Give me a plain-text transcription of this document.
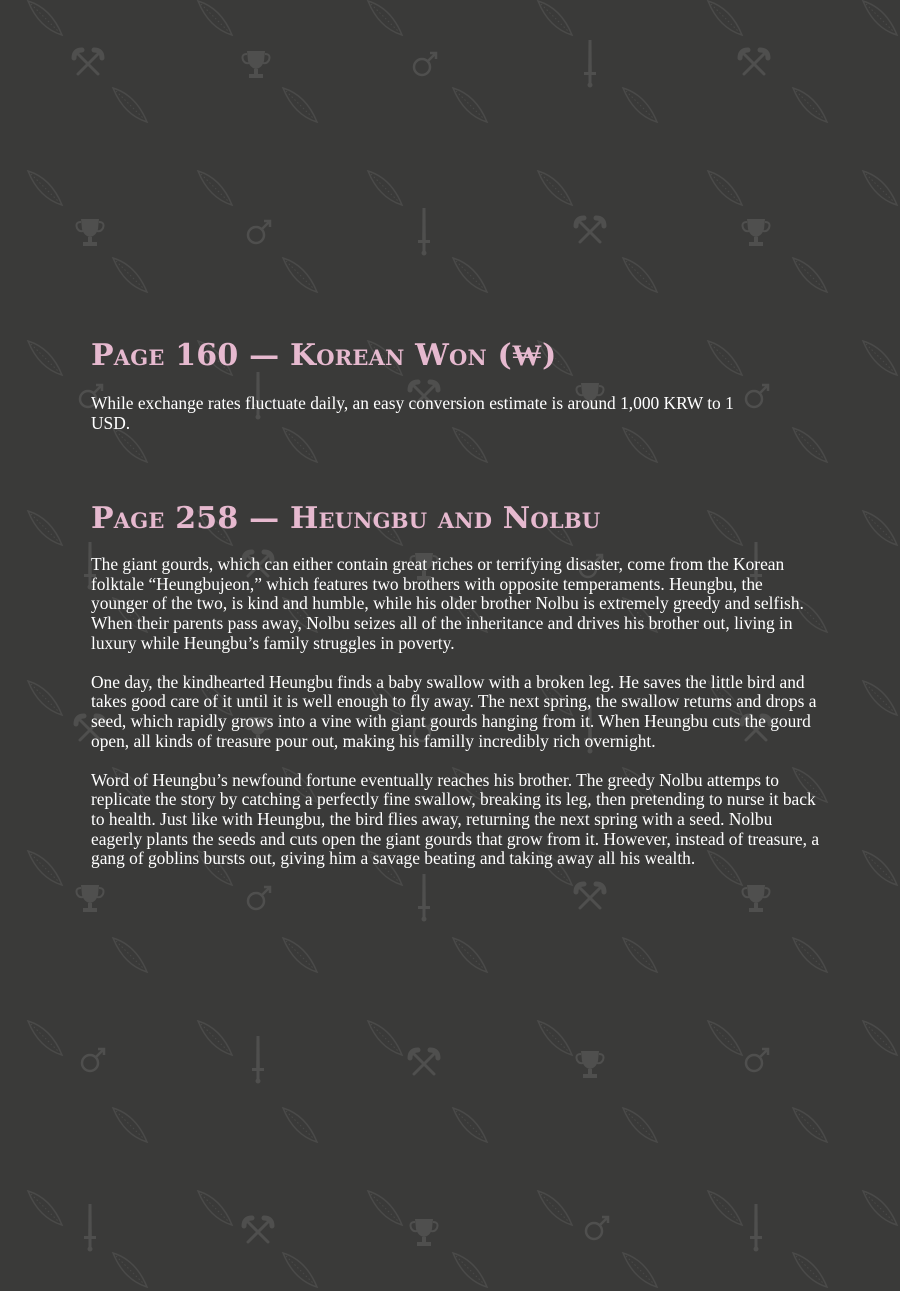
Page 160 — Korean Won (₩)

While exchange rates fluctuate daily, an easy conversion estimate is around 1,000 KRW to 1 USD.

Page 258 — Heungbu and Nolbu

The giant gourds, which can either contain great riches or terrifying disaster, come from the Korean folktale “Heungbujeon,” which features two brothers with opposite temperaments. Heungbu, the younger of the two, is kind and humble, while his older brother Nolbu is extremely greedy and selfish. When their parents pass away, Nolbu seizes all of the inheritance and drives his brother out, living in luxury while Heungbu’s family struggles in poverty.

One day, the kindhearted Heungbu finds a baby swallow with a broken leg. He saves the little bird and takes good care of it until it is well enough to fly away. The next spring, the swallow returns and drops a seed, which rapidly grows into a vine with giant gourds hanging from it. When Heungbu cuts the gourd open, all kinds of treasure pour out, making his familly incredibly rich overnight.

Word of Heungbu’s newfound fortune eventually reaches his brother. The greedy Nolbu attemps to replicate the story by catching a perfectly fine swallow, breaking its leg, then pretending to nurse it back to health. Just like with Heungbu, the bird flies away, returning the next spring with a seed. Nolbu eagerly plants the seeds and cuts open the giant gourds that grow from it. However, instead of treasure, a gang of goblins bursts out, giving him a savage beating and taking away all his wealth.
